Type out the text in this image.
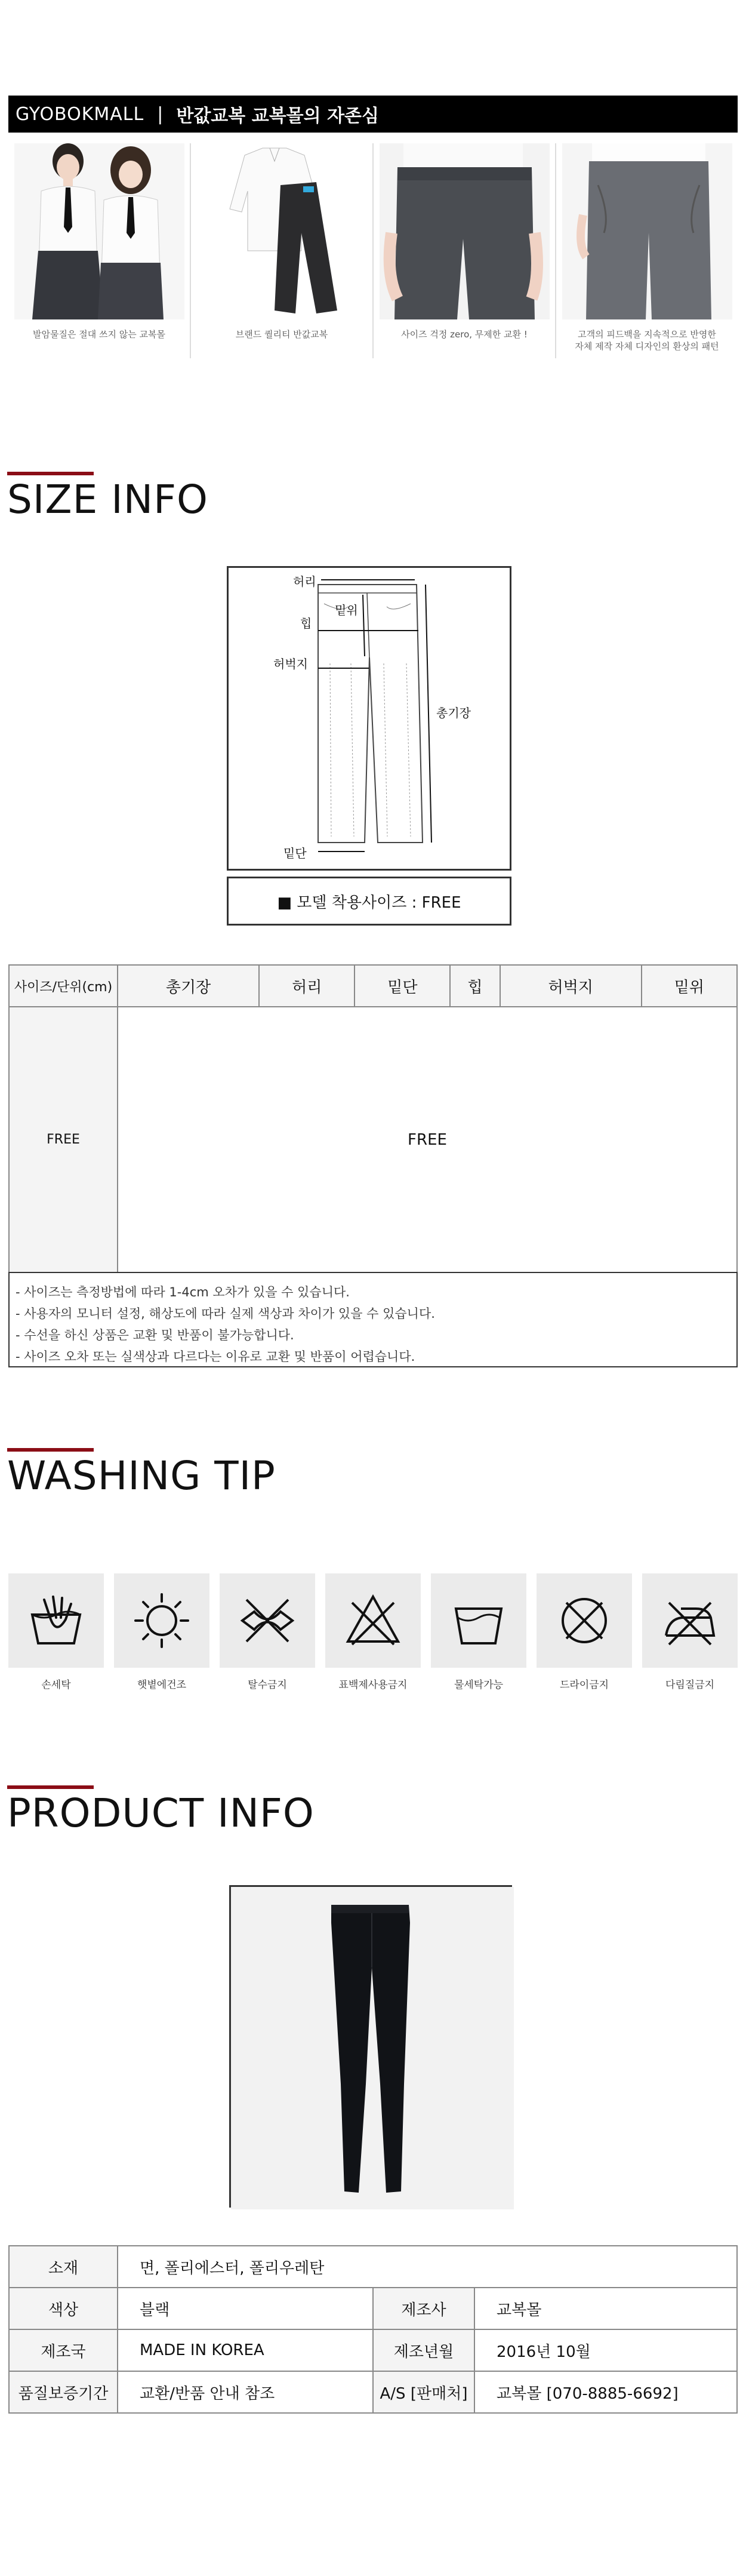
GYOBOKMALL | 반값교복 교복몰의 자존심
발암물질은 절대 쓰지 않는 교복몰	브랜드 퀄리티 반값교복	사이즈 걱정 zero, 무제한 교환 !	고객의 피드백을 지속적으로 반영한
자체 제작 자체 디자인의 환상의 패턴
SIZE INFO
허리
밑위
힙
허벅지
총기장
밑단
■ 모델 착용사이즈 : FREE
사이즈/단위(cm)	총기장	허리	밑단	힙	허벅지	밑위
FREE	FREE					
- 사이즈는 측정방법에 따라 1-4cm 오차가 있을 수 있습니다.
- 사용자의 모니터 설정, 해상도에 따라 실제 색상과 차이가 있을 수 있습니다.
- 수선을 하신 상품은 교환 및 반품이 불가능합니다.
- 사이즈 오차 또는 실색상과 다르다는 이유로 교환 및 반품이 어렵습니다.
WASHING TIP
손세탁	햇볕에건조	탈수금지	표백제사용금지	물세탁가능	드라이금지	다림질금지
PRODUCT INFO
소재	면, 폴리에스터, 폴리우레탄		
색상	블랙	제조사	교복몰
제조국	MADE IN KOREA	제조년월	2016년 10월
품질보증기간	교환/반품 안내 참조	A/S [판매처]	교복몰 [070-8885-6692]
